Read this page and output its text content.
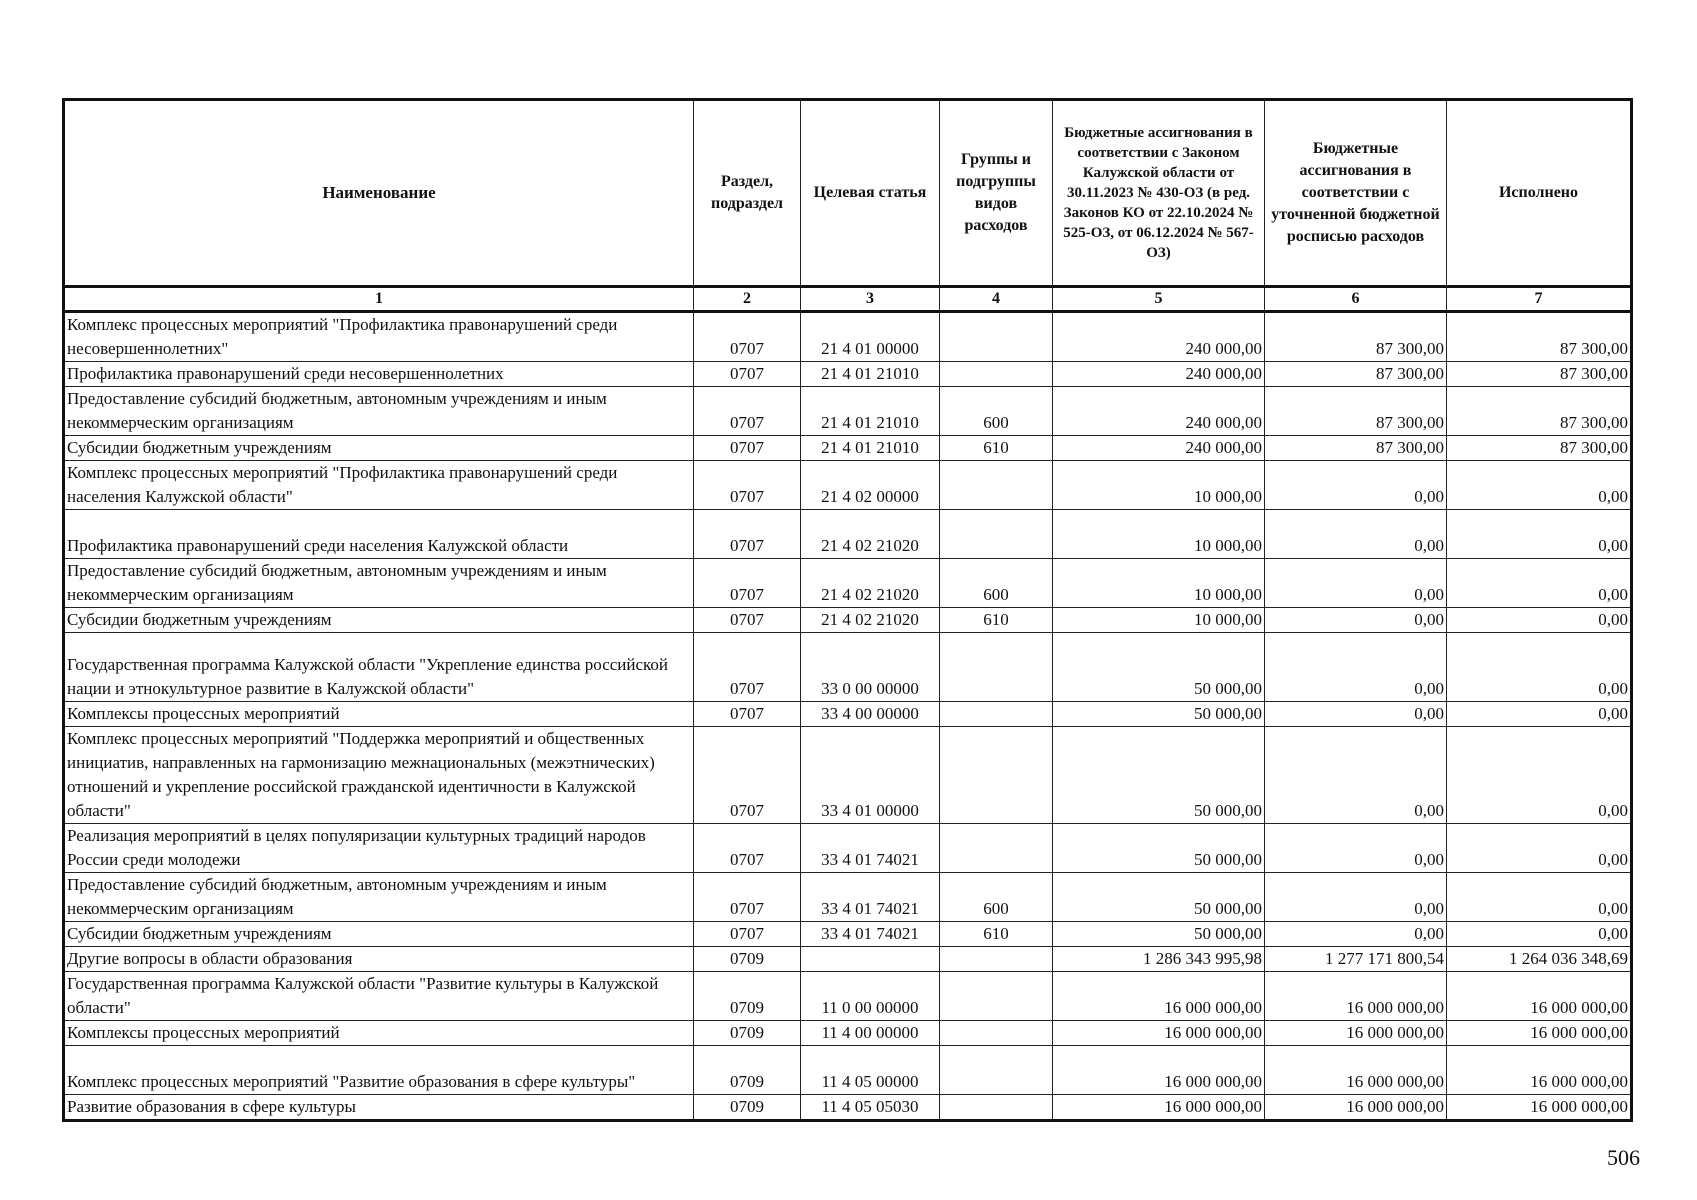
Наименование	Раздел, подраздел	Целевая статья	Группы и подгруппы видов расходов	Бюджетные ассигнования в соответствии с Законом Калужской области от 30.11.2023 № 430-ОЗ (в ред. Законов КО от 22.10.2024 № 525-ОЗ, от 06.12.2024 № 567-ОЗ)	Бюджетные ассигнования в соответствии с уточненной бюджетной росписью расходов	Исполнено
1	2	3	4	5	6	7
Комплекс процессных мероприятий "Профилактика правонарушений среди несовершеннолетних"	0707	21 4 01 00000		240 000,00	87 300,00	87 300,00
Профилактика правонарушений среди несовершеннолетних	0707	21 4 01 21010		240 000,00	87 300,00	87 300,00
Предоставление субсидий бюджетным, автономным учреждениям и иным некоммерческим организациям	0707	21 4 01 21010	600	240 000,00	87 300,00	87 300,00
Субсидии бюджетным учреждениям	0707	21 4 01 21010	610	240 000,00	87 300,00	87 300,00
Комплекс процессных мероприятий "Профилактика правонарушений среди населения Калужской области"	0707	21 4 02 00000		10 000,00	0,00	0,00
Профилактика правонарушений среди населения Калужской области	0707	21 4 02 21020		10 000,00	0,00	0,00
Предоставление субсидий бюджетным, автономным учреждениям и иным некоммерческим организациям	0707	21 4 02 21020	600	10 000,00	0,00	0,00
Субсидии бюджетным учреждениям	0707	21 4 02 21020	610	10 000,00	0,00	0,00
Государственная программа Калужской области "Укрепление единства российской нации и этнокультурное развитие в Калужской области"	0707	33 0 00 00000		50 000,00	0,00	0,00
Комплексы процессных мероприятий	0707	33 4 00 00000		50 000,00	0,00	0,00
Комплекс процессных мероприятий "Поддержка мероприятий и общественных инициатив, направленных на гармонизацию межнациональных (межэтнических) отношений и укрепление российской гражданской идентичности в Калужской области"	0707	33 4 01 00000		50 000,00	0,00	0,00
Реализация мероприятий в целях популяризации культурных традиций народов России среди молодежи	0707	33 4 01 74021		50 000,00	0,00	0,00
Предоставление субсидий бюджетным, автономным учреждениям и иным некоммерческим организациям	0707	33 4 01 74021	600	50 000,00	0,00	0,00
Субсидии бюджетным учреждениям	0707	33 4 01 74021	610	50 000,00	0,00	0,00
Другие вопросы в области образования	0709			1 286 343 995,98	1 277 171 800,54	1 264 036 348,69
Государственная программа Калужской области "Развитие культуры в Калужской области"	0709	11 0 00 00000		16 000 000,00	16 000 000,00	16 000 000,00
Комплексы процессных мероприятий	0709	11 4 00 00000		16 000 000,00	16 000 000,00	16 000 000,00
Комплекс процессных мероприятий "Развитие образования в сфере культуры"	0709	11 4 05 00000		16 000 000,00	16 000 000,00	16 000 000,00
Развитие образования в сфере культуры	0709	11 4 05 05030		16 000 000,00	16 000 000,00	16 000 000,00
506
